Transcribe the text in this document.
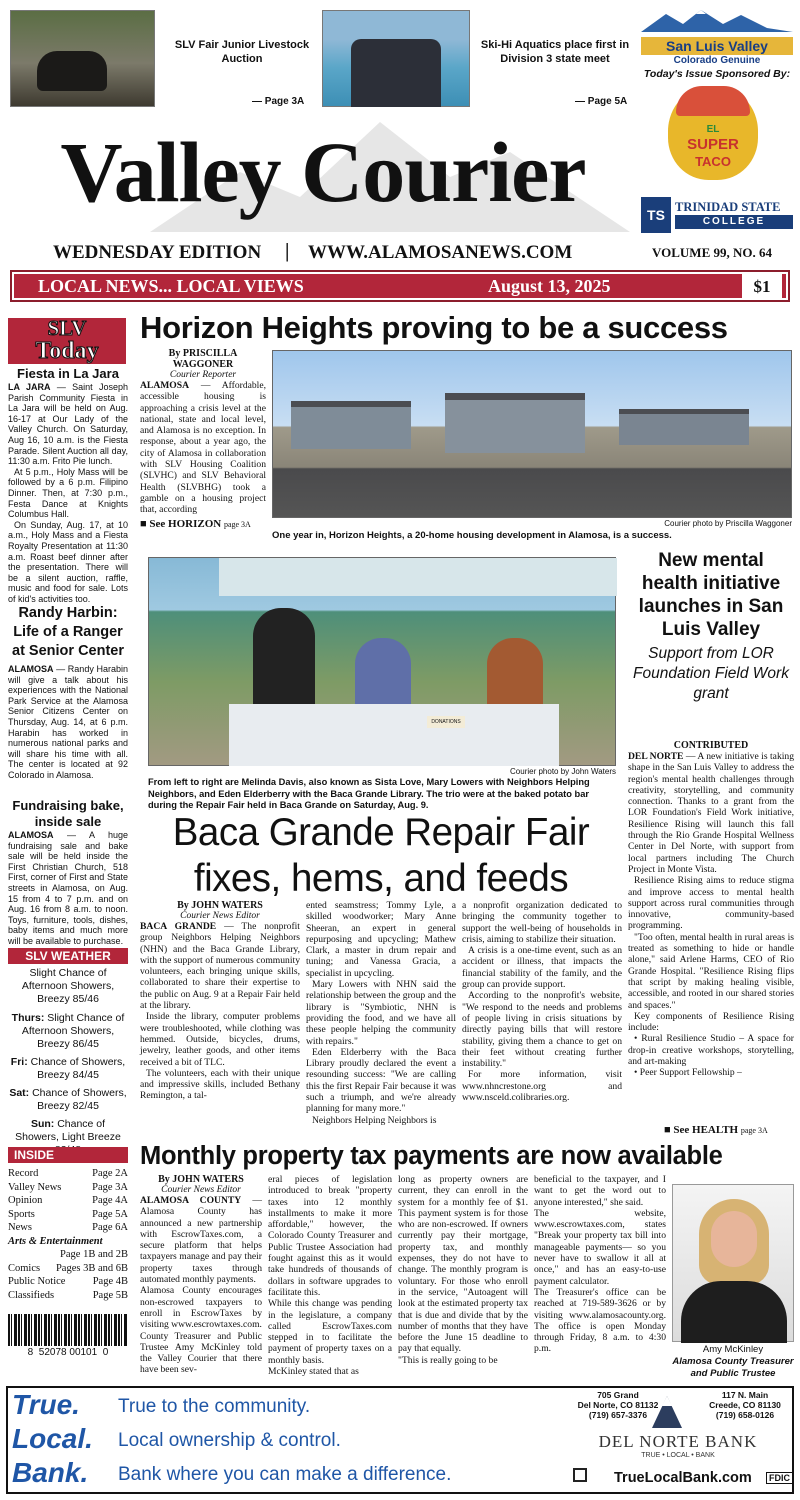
SLV Fair Junior Livestock Auction
— Page 3A
Ski-Hi Aquatics place first in Division 3 state meet
— Page 5A
San Luis Valley
Colorado Genuine
Today's Issue Sponsored By:
EL
SUPER
TACO
TS TRINIDAD STATE
COLLEGE
Valley Courier
WEDNESDAY EDITION | WWW.ALAMOSANEWS.COM	VOLUME 99, NO. 64
LOCAL NEWS... LOCAL VIEWS	August 13, 2025	$1
SLV
Today
Fiesta in La Jara

LA JARA — Saint Joseph Parish Community Fiesta in La Jara will be held on Aug. 16-17 at Our Lady of the Valley Church. On Saturday, Aug 16, 10 a.m. is the Fiesta Parade. Silent Auction all day, 11:30 a.m. Frito Pie lunch.

At 5 p.m., Holy Mass will be followed by a 6 p.m. Filipino Dinner. Then, at 7:30 p.m., Festa Dance at Knights Columbus Hall.

On Sunday, Aug. 17, at 10 a.m., Holy Mass and a Fiesta Royalty Presentation at 11:30 a.m. Roast beef dinner after the presentation. There will be a silent auction, raffle, music and food for sale. Lots of kid's activities too.

Randy Harbin: Life of a Ranger at Senior Center

ALAMOSA — Randy Harabin will give a talk about his experiences with the National Park Service at the Alamosa Senior Citizens Center on Thursday, Aug. 14, at 6 p.m. Harabin has worked in numerous national parks and will share his time with all. The center is located at 92 Colorado in Alamosa.

Fundraising bake, inside sale

ALAMOSA — A huge fundraising sale and bake sale will be held inside the First Christian Church, 518 First, corner of First and State streets in Alamosa, on Aug. 15 from 4 to 7 p.m. and on Aug. 16 from 8 a.m. to noon. Toys, furniture, tools, dishes, baby items and much more will be available to purchase.

SLV WEATHER
Slight Chance of Afternoon Showers, Breezy 85/46
Thurs: Slight Chance of Afternoon Showers, Breezy 86/45
Fri: Chance of Showers, Breezy 84/45
Sat: Chance of Showers, Breezy 82/45
Sun: Chance of Showers, Light Breeze
INSIDE
Record	Page 2A
Valley News	Page 3A
Opinion	Page 4A
Sports	Page 5A
News	Page 6A
Arts & Entertainment
Page 1B and 2B
Comics Pages 3B and 6B
Public Notice	Page 4B
Classifieds	Page 5B
8  52078 00101  0
Horizon Heights proving to be a success
By PRISCILLA WAGGONER
Courier Reporter

ALAMOSA — Affordable, accessible housing is approaching a crisis level at the national, state and local level, and Alamosa is no exception. In response, about a year ago, the city of Alamosa in collaboration with SLV Housing Coalition (SLVHC) and SLV Behavioral Health (SLVBHG) took a gamble on a housing project that, according

■ See HORIZON page 3A	Courier photo by Priscilla Waggoner
One year in, Horizon Heights, a 20-home housing development in Alamosa, is a success.
DONATIONS
Courier photo by John Waters
From left to right are Melinda Davis, also known as Sista Love, Mary Lowers with Neighbors Helping Neighbors, and Eden Elderberry with the Baca Grande Library. The trio were at the baked potato bar during the Repair Fair held in Baca Grande on Saturday, Aug. 9.
Baca Grande Repair Fair
fixes, hems, and feeds
By JOHN WATERS
Courier News Editor

BACA GRANDE — The nonprofit group Neighbors Helping Neighbors (NHN) and the Baca Grande Library, with the support of numerous community volunteers, each bringing unique skills, collaborated to share their expertise to the public on Aug. 9 at a Repair Fair held at the library.

Inside the library, computer problems were troubleshooted, while clothing was hemmed. Outside, bicycles, drums, jewelry, leather goods, and other items received a bit of TLC.

The volunteers, each with their unique and impressive skills, included Bethany Remington, a tal-

ented seamstress; Tommy Lyle, a skilled woodworker; Mary Anne Sheeran, an expert in general repurposing and upcycling; Mathew Clark, a master in drum repair and tuning; and Vanessa Gracia, a specialist in upcycling.

Mary Lowers with NHN said the relationship between the group and the library is "Symbiotic, NHN is providing the food, and we have all these people helping the community with repairs."

Eden Elderberry with the Baca Library proudly declared the event a resounding success: "We are calling this the first Repair Fair because it was such a triumph, and we're already planning for many more."

Neighbors Helping Neighbors is

a nonprofit organization dedicated to bringing the community together to support the well-being of households in crisis, aiming to stabilize their situation.

A crisis is a one-time event, such as an accident or illness, that impacts the financial stability of the family, and the group can provide support.

According to the nonprofit's website, "We respond to the needs and problems of people living in crisis situations by directly paying bills that will restore stability, giving them a chance to get on their feet without creating further instability."

For more information, visit www.nhncrestone.org and www.nsceld.colibraries.org.

New mental health initiative launches in San Luis Valley
Support from LOR Foundation Field Work grant
CONTRIBUTED

DEL NORTE — A new initiative is taking shape in the San Luis Valley to address the region's mental health challenges through creativity, storytelling, and community connection. Thanks to a grant from the LOR Foundation's Field Work initiative, Resilience Rising will launch this fall through the Rio Grande Hospital Wellness Center in Del Norte, with support from local partners including The Church Project in Monte Vista.

Resilience Rising aims to reduce stigma and improve access to mental health support across rural communities through innovative, community-based programming.

"Too often, mental health in rural areas is treated as something to hide or handle alone," said Arlene Harms, CEO of Rio Grande Hospital. "Resilience Rising flips that script by making healing visible, accessible, and rooted in our shared stories and spaces."

Key components of Resilience Rising include:

• Rural Resilience Studio – A space for drop-in creative workshops, storytelling, and art-making

• Peer Support Fellowship –

■ See HEALTH page 3A
Monthly property tax payments are now available
By JOHN WATERS
Courier News Editor

ALAMOSA COUNTY — Alamosa County has announced a new partnership with EscrowTaxes.com, a secure platform that helps taxpayers manage and pay their property taxes through automated monthly payments.
Alamosa County encourages non-escrowed taxpayers to enroll in EscrowTaxes by visiting www.escrowtaxes.com.
County Treasurer and Public Trustee Amy McKinley told the Valley Courier that there have been sev-

eral pieces of legislation introduced to break "property taxes into 12 monthly installments to make it more affordable," however, the Colorado County Treasurer and Public Trustee Association had fought against this as it would take hundreds of thousands of dollars in software upgrades to facilitate this.
While this change was pending in the legislature, a company called EscrowTaxes.com stepped in to facilitate the payment of property taxes on a monthly basis.
McKinley stated that as

long as property owners are current, they can enroll in the system for a monthly fee of $1. This payment system is for those who are non-escrowed. If owners currently pay their mortgage, property tax, and monthly expenses, they do not have to change. The monthly program is voluntary. For those who enroll in the service, "Autoagent will look at the estimated property tax that is due and divide that by the number of months that they have before the June 15 deadline to pay that equally.
"This is really going to be

beneficial to the taxpayer, and I want to get the word out to anyone interested," she said.
The website, www.escrowtaxes.com, states "Break your property tax bill into manageable payments— so you never have to swallow it all at once," and has an easy-to-use payment calculator.
The Treasurer's office can be reached at 719-589-3626 or by visiting www.alamosacounty.org. The office is open Monday through Friday, 8 a.m. to 4:30 p.m.	Amy McKinley
Alamosa County Treasurer and Public Trustee
True.
Local.
Bank.
True to the community.
Local ownership & control.
Bank where you can make a difference.
705 Grand
Del Norte, CO 81132
(719) 657-3376
117 N. Main
Creede, CO 81130
(719) 658-0126
DEL NORTE BANK
TRUE • LOCAL • BANK
TrueLocalBank.com	FDIC
